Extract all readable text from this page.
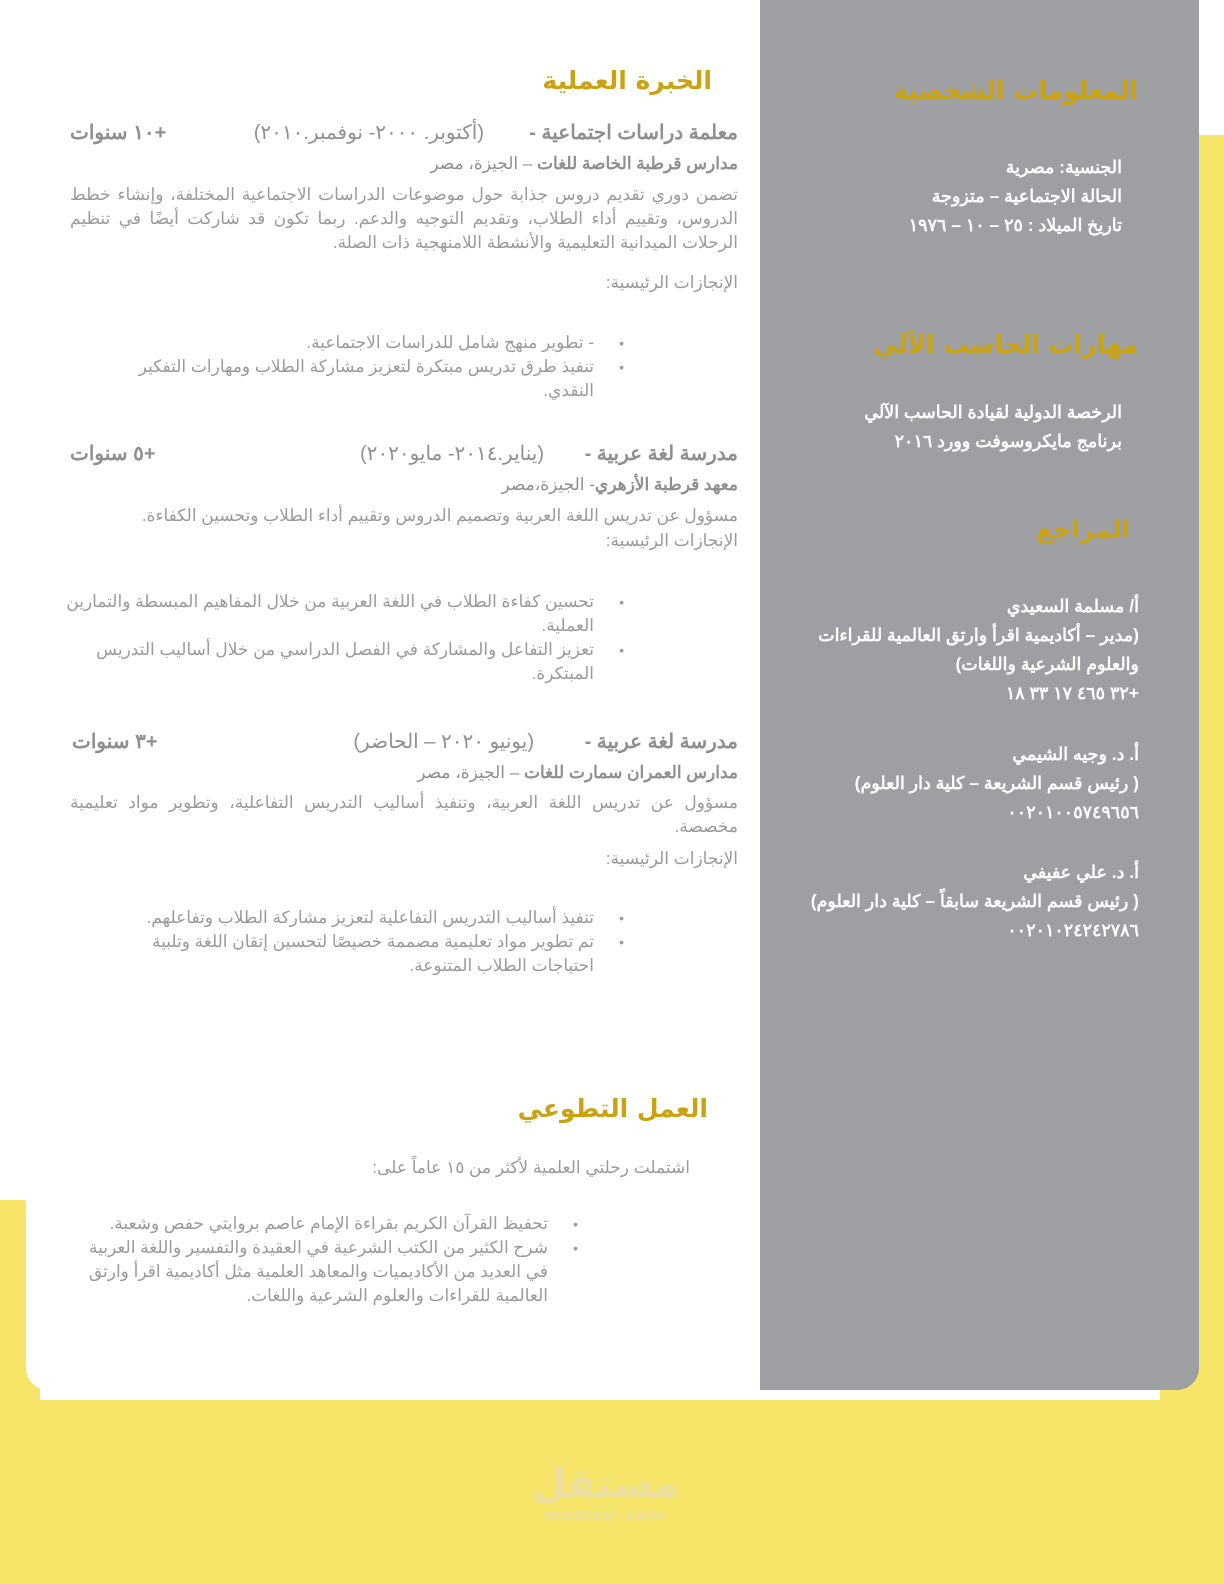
المعلومات الشخصية
الجنسية: مصرية
الحالة الاجتماعية – متزوجة
تاريخ الميلاد : ٢٥ – ١٠ – ١٩٧٦
مهارات الحاسب الآلي
الرخصة الدولية لقيادة الحاسب الآلي
برنامج مايكروسوفت وورد ٢٠١٦
المراجع
أ/ مسلمة السعيدي
(مدير – أكاديمية اقرأ وارتق العالمية للقراءات
والعلوم الشرعية واللغات)
+٣٢ ٤٦٥ ١٧ ٣٣ ١٨
أ. د. وجيه الشيمي
( رئيس قسم الشريعة – كلية دار العلوم)
٠٠٢٠١٠٠٥٧٤٩٦٥٦
أ. د. علي عفيفي
( رئيس قسم الشريعة سابقاً – كلية دار العلوم)
٠٠٢٠١٠٢٤٢٤٢٧٨٦
الخبرة العملية
معلمة دراسات اجتماعية -
(أكتوبر. ٢٠٠٠- نوفمبر.٢٠١٠)
+١٠ سنوات
مدارس قرطبة الخاصة للغات – الجيزة، مصر
تضمن دوري تقديم دروس جذابة حول موضوعات الدراسات الاجتماعية المختلفة، وإنشاء خطط الدروس، وتقييم أداء الطلاب، وتقديم التوجيه والدعم. ربما تكون قد شاركت أيضًا في تنظيم الرحلات الميدانية التعليمية والأنشطة اللامنهجية ذات الصلة.
الإنجازات الرئيسية:
•
- تطوير منهج شامل للدراسات الاجتماعية.
•
تنفيذ طرق تدريس مبتكرة لتعزيز مشاركة الطلاب ومهارات التفكير النقدي.
مدرسة لغة عربية -
(يناير.٢٠١٤- مايو٢٠٢٠)
+٥ سنوات
معهد قرطبة الأزهري- الجيزة،مصر
مسؤول عن تدريس اللغة العربية وتصميم الدروس وتقييم أداء الطلاب وتحسين الكفاءة.
الإنجازات الرئيسية:
•
تحسين كفاءة الطلاب في اللغة العربية من خلال المفاهيم المبسطة والتمارين العملية.
•
تعزيز التفاعل والمشاركة في الفصل الدراسي من خلال أساليب التدريس المبتكرة.
مدرسة لغة عربية -
(يونيو ٢٠٢٠ – الحاضر)
+٣ سنوات
مدارس العمران سمارت للغات – الجيزة، مصر
مسؤول عن تدريس اللغة العربية، وتنفيذ أساليب التدريس التفاعلية، وتطوير مواد تعليمية مخصصة.
الإنجازات الرئيسية:
•
تنفيذ أساليب التدريس التفاعلية لتعزيز مشاركة الطلاب وتفاعلهم.
•
تم تطوير مواد تعليمية مصممة خصيصًا لتحسين إتقان اللغة وتلبية احتياجات الطلاب المتنوعة.
العمل التطوعي
اشتملت رحلتي العلمية لأكثر من ١٥ عاماً على:
•
تحفيظ القرآن الكريم بقراءة الإمام عاصم بروايتي حفص وشعبة.
•
شرح الكثير من الكتب الشرعية في العقيدة والتفسير واللغة العربية في العديد من الأكاديميات والمعاهد العلمية مثل أكاديمية اقرأ وارتق العالمية للقراءات والعلوم الشرعية واللغات.
مستقل
mostaql.com
